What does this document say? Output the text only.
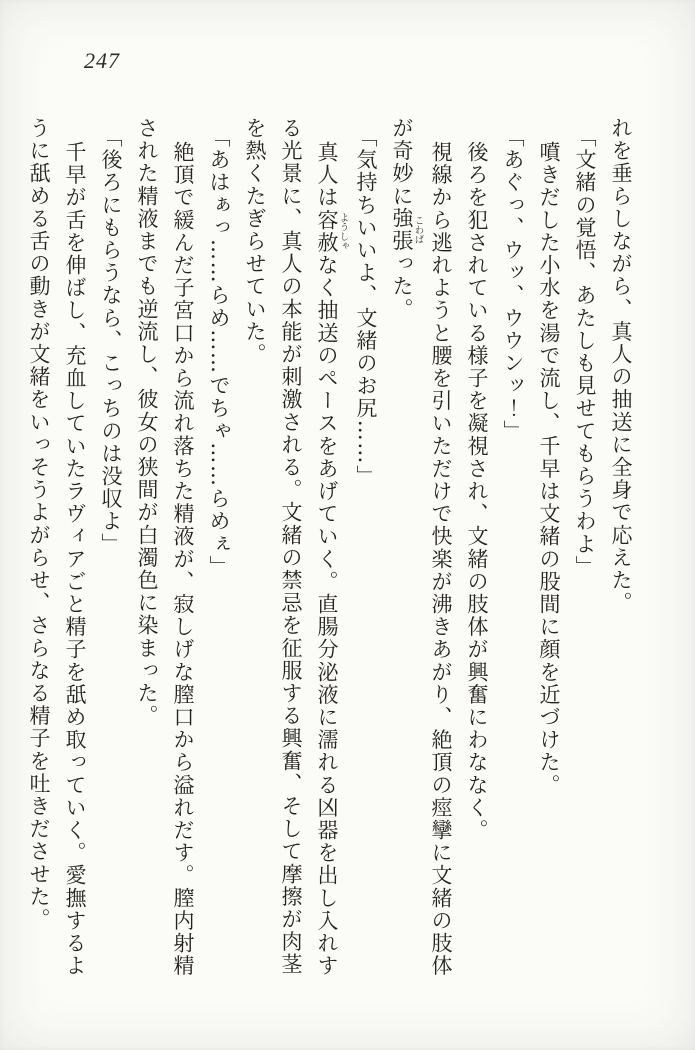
247
れを垂らしながら、真人の抽送に全身で応えた。
「文緒の覚悟、あたしも見せてもらうわよ」
噴きだした小水を湯で流し、千早は文緒の股間に顔を近づけた。
「あぐっ、ウッ、ウウンッ！」
後ろを犯されている様子を凝視され、文緒の肢体が興奮にわななく。
視線から逃れようと腰を引いただけで快楽が沸きあがり、絶頂の痙攣に文緒の肢体
が奇妙に強張こわばった。
「気持ちいいよ、文緒のお尻……」
真人は容赦ようしゃなく抽送のペースをあげていく。直腸分泌液に濡れる凶器を出し入れす
る光景に、真人の本能が刺激される。文緒の禁忌を征服する興奮、そして摩擦が肉茎
を熱くたぎらせていた。
「あはぁっ……らめ……でちゃ……らめぇ」
絶頂で緩んだ子宮口から流れ落ちた精液が、寂しげな膣口から溢れだす。膣内射精
された精液までも逆流し、彼女の狭間が白濁色に染まった。
「後ろにもらうなら、こっちのは没収よ」
千早が舌を伸ばし、充血していたラヴィアごと精子を舐め取っていく。愛撫するよ
うに舐める舌の動きが文緒をいっそうよがらせ、さらなる精子を吐きださせた。
